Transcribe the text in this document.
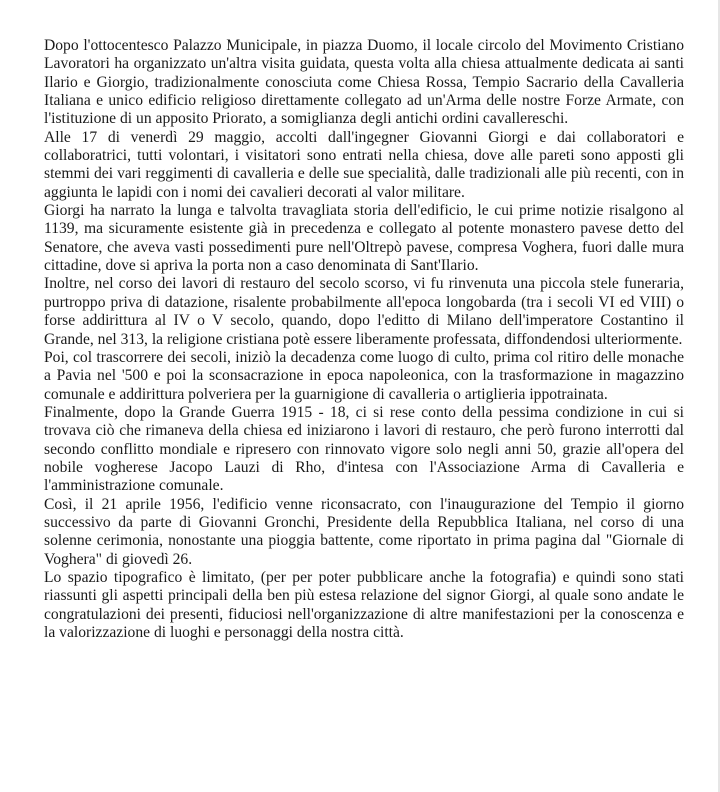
Dopo l'ottocentesco Palazzo Municipale, in piazza Duomo, il locale circolo del Movimento Cristiano Lavoratori ha organizzato un'altra visita guidata, questa volta alla chiesa attualmente dedicata ai santi Ilario e Giorgio, tradizionalmente conosciuta come Chiesa Rossa, Tempio Sacrario della Cavalleria Italiana e unico edificio religioso direttamente collegato ad un'Arma delle nostre Forze Armate, con l'istituzione di un apposito Priorato, a somiglianza degli antichi ordini cavallereschi.

Alle 17 di venerdì 29 maggio, accolti dall'ingegner Giovanni Giorgi e dai collaboratori e collaboratrici, tutti volontari, i visitatori sono entrati nella chiesa, dove alle pareti sono apposti gli stemmi dei vari reggimenti di cavalleria e delle sue specialità, dalle tradizionali alle più recenti, con in aggiunta le lapidi con i nomi dei cavalieri decorati al valor militare.

Giorgi ha narrato la lunga e talvolta travagliata storia dell'edificio, le cui prime notizie risalgono al 1139, ma sicuramente esistente già in precedenza e collegato al potente monastero pavese detto del Senatore, che aveva vasti possedimenti pure nell'Oltrepò pavese, compresa Voghera, fuori dalle mura cittadine, dove si apriva la porta non a caso denominata di Sant'Ilario.

Inoltre, nel corso dei lavori di restauro del secolo scorso, vi fu rinvenuta una piccola stele funeraria, purtroppo priva di datazione, risalente probabilmente all'epoca longobarda (tra i secoli VI ed VIII) o forse addirittura al IV o V secolo, quando, dopo l'editto di Milano dell'imperatore Costantino il Grande, nel 313, la religione cristiana potè essere liberamente professata, diffondendosi ulteriormente.

Poi, col trascorrere dei secoli, iniziò la decadenza come luogo di culto, prima col ritiro delle monache a Pavia nel '500 e poi la sconsacrazione in epoca napoleonica, con la trasformazione in magazzino comunale e addirittura polveriera per la guarnigione di cavalleria o artiglieria ippotrainata.

Finalmente, dopo la Grande Guerra 1915 - 18, ci si rese conto della pessima condizione in cui si trovava ciò che rimaneva della chiesa ed iniziarono i lavori di restauro, che però furono interrotti dal secondo conflitto mondiale e ripresero con rinnovato vigore solo negli anni 50, grazie all'opera del nobile vogherese Jacopo Lauzi di Rho, d'intesa con l'Associazione Arma di Cavalleria e l'amministrazione comunale.

Così, il 21 aprile 1956, l'edificio venne riconsacrato, con l'inaugurazione del Tempio il giorno successivo da parte di Giovanni Gronchi, Presidente della Repubblica Italiana, nel corso di una solenne cerimonia, nonostante una pioggia battente, come riportato in prima pagina dal "Giornale di Voghera" di giovedì 26.

Lo spazio tipografico è limitato, (per per poter pubblicare anche la fotografia) e quindi sono stati riassunti gli aspetti principali della ben più estesa relazione del signor Giorgi, al quale sono andate le congratulazioni dei presenti, fiduciosi nell'organizzazione di altre manifestazioni per la conoscenza e la valorizzazione di luoghi e personaggi della nostra città.
